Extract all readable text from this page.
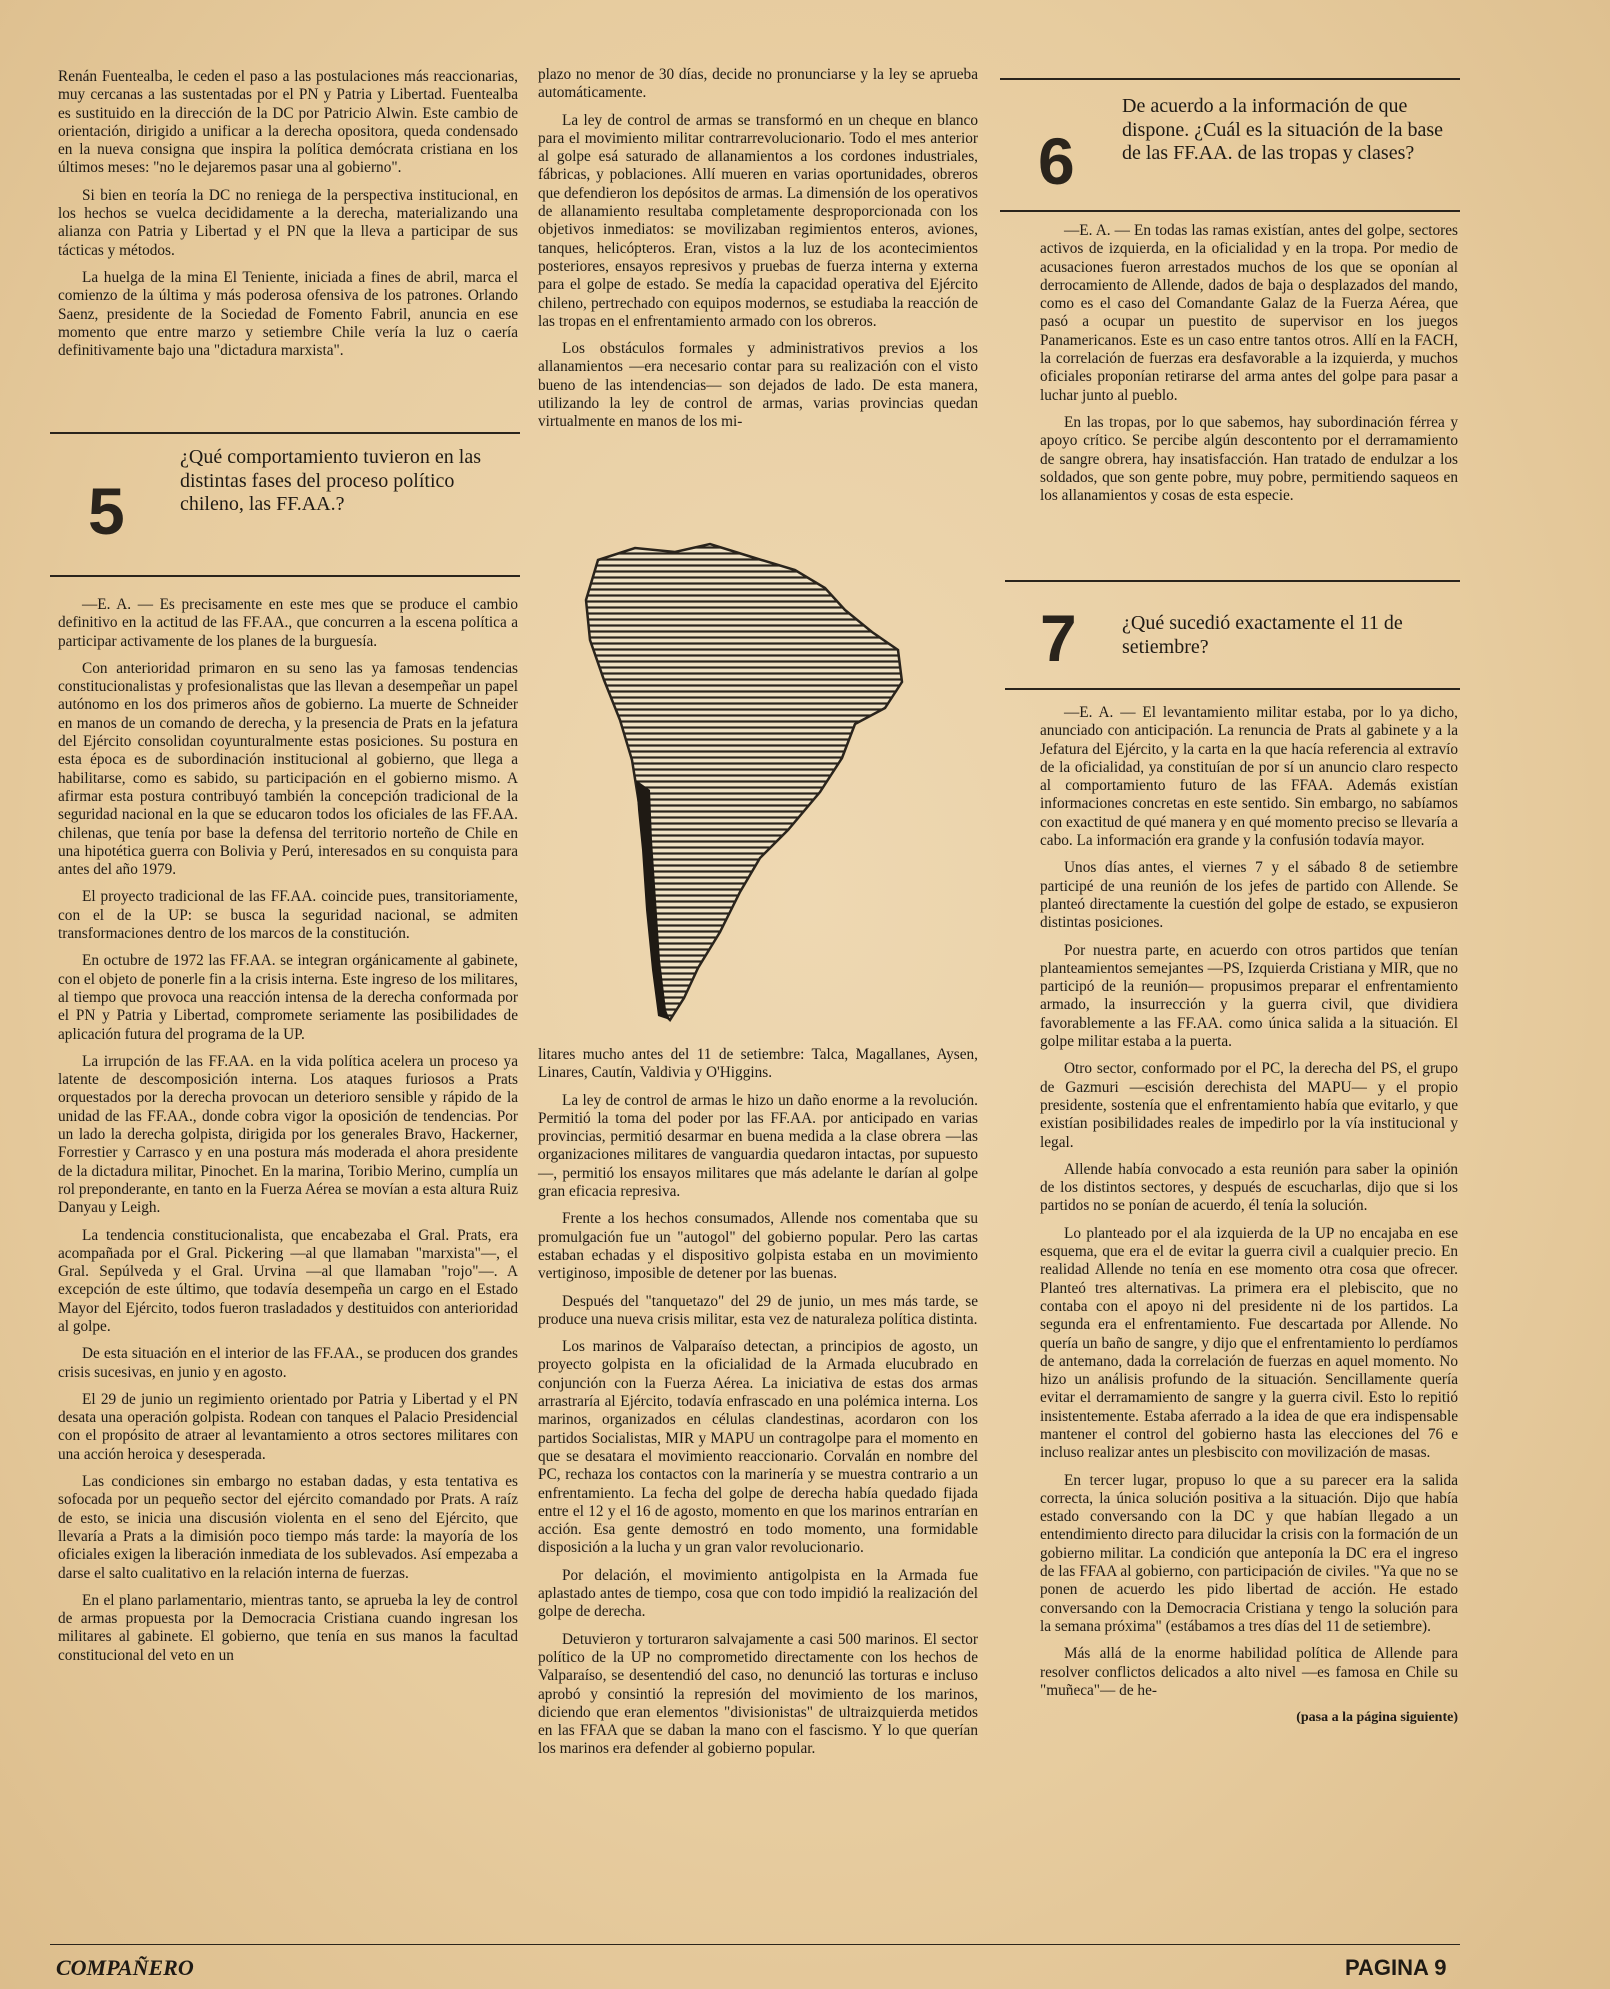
Renán Fuentealba, le ceden el paso a las postulaciones más reaccionarias, muy cercanas a las sustentadas por el PN y Patria y Libertad. Fuentealba es sustituido en la dirección de la DC por Patricio Alwin. Este cambio de orientación, dirigido a unificar a la derecha opositora, queda condensado en la nueva consigna que inspira la política demócrata cristiana en los últimos meses: "no le dejaremos pasar una al gobierno".

Si bien en teoría la DC no reniega de la perspectiva institucional, en los hechos se vuelca decididamente a la derecha, materializando una alianza con Patria y Libertad y el PN que la lleva a participar de sus tácticas y métodos.

La huelga de la mina El Teniente, iniciada a fines de abril, marca el comienzo de la última y más poderosa ofensiva de los patrones. Orlando Saenz, presidente de la Sociedad de Fomento Fabril, anuncia en ese momento que entre marzo y setiembre Chile vería la luz o caería definitivamente bajo una "dictadura marxista".

5
¿Qué comportamiento tuvieron en las distintas fases del proceso político chileno, las FF.AA.?

—E. A. — Es precisamente en este mes que se produce el cambio definitivo en la actitud de las FF.AA., que concurren a la escena política a participar activamente de los planes de la burguesía.

Con anterioridad primaron en su seno las ya famosas tendencias constitucionalistas y profesionalistas que las llevan a desempeñar un papel autónomo en los dos primeros años de gobierno. La muerte de Schneider en manos de un comando de derecha, y la presencia de Prats en la jefatura del Ejército consolidan coyunturalmente estas posiciones. Su postura en esta época es de subordinación institucional al gobierno, que llega a habilitarse, como es sabido, su participación en el gobierno mismo. A afirmar esta postura contribuyó también la concepción tradicional de la seguridad nacional en la que se educaron todos los oficiales de las FF.AA. chilenas, que tenía por base la defensa del territorio norteño de Chile en una hipotética guerra con Bolivia y Perú, interesados en su conquista para antes del año 1979.

El proyecto tradicional de las FF.AA. coincide pues, transitoriamente, con el de la UP: se busca la seguridad nacional, se admiten transformaciones dentro de los marcos de la constitución.

En octubre de 1972 las FF.AA. se integran orgánicamente al gabinete, con el objeto de ponerle fin a la crisis interna. Este ingreso de los militares, al tiempo que provoca una reacción intensa de la derecha conformada por el PN y Patria y Libertad, compromete seriamente las posibilidades de aplicación futura del programa de la UP.

La irrupción de las FF.AA. en la vida política acelera un proceso ya latente de descomposición interna. Los ataques furiosos a Prats orquestados por la derecha provocan un deterioro sensible y rápido de la unidad de las FF.AA., donde cobra vigor la oposición de tendencias. Por un lado la derecha golpista, dirigida por los generales Bravo, Hackerner, Forrestier y Carrasco y en una postura más moderada el ahora presidente de la dictadura militar, Pinochet. En la marina, Toribio Merino, cumplía un rol preponderante, en tanto en la Fuerza Aérea se movían a esta altura Ruiz Danyau y Leigh.

La tendencia constitucionalista, que encabezaba el Gral. Prats, era acompañada por el Gral. Pickering —al que llamaban "marxista"—, el Gral. Sepúlveda y el Gral. Urvina —al que llamaban "rojo"—. A excepción de este último, que todavía desempeña un cargo en el Estado Mayor del Ejército, todos fueron trasladados y destituidos con anterioridad al golpe.

De esta situación en el interior de las FF.AA., se producen dos grandes crisis sucesivas, en junio y en agosto.

El 29 de junio un regimiento orientado por Patria y Libertad y el PN desata una operación golpista. Rodean con tanques el Palacio Presidencial con el propósito de atraer al levantamiento a otros sectores militares con una acción heroica y desesperada.

Las condiciones sin embargo no estaban dadas, y esta tentativa es sofocada por un pequeño sector del ejército comandado por Prats. A raíz de esto, se inicia una discusión violenta en el seno del Ejército, que llevaría a Prats a la dimisión poco tiempo más tarde: la mayoría de los oficiales exigen la liberación inmediata de los sublevados. Así empezaba a darse el salto cualitativo en la relación interna de fuerzas.

En el plano parlamentario, mientras tanto, se aprueba la ley de control de armas propuesta por la Democracia Cristiana cuando ingresan los militares al gabinete. El gobierno, que tenía en sus manos la facultad constitucional del veto en un

plazo no menor de 30 días, decide no pronunciarse y la ley se aprueba automáticamente.

La ley de control de armas se transformó en un cheque en blanco para el movimiento militar contrarrevolucionario. Todo el mes anterior al golpe esá saturado de allanamientos a los cordones industriales, fábricas, y poblaciones. Allí mueren en varias oportunidades, obreros que defendieron los depósitos de armas. La dimensión de los operativos de allanamiento resultaba completamente desproporcionada con los objetivos inmediatos: se movilizaban regimientos enteros, aviones, tanques, helicópteros. Eran, vistos a la luz de los acontecimientos posteriores, ensayos represivos y pruebas de fuerza interna y externa para el golpe de estado. Se medía la capacidad operativa del Ejército chileno, pertrechado con equipos modernos, se estudiaba la reacción de las tropas en el enfrentamiento armado con los obreros.

Los obstáculos formales y administrativos previos a los allanamientos —era necesario contar para su realización con el visto bueno de las intendencias— son dejados de lado. De esta manera, utilizando la ley de control de armas, varias provincias quedan virtualmente en manos de los mi-

litares mucho antes del 11 de setiembre: Talca, Magallanes, Aysen, Linares, Cautín, Valdivia y O'Higgins.

La ley de control de armas le hizo un daño enorme a la revolución. Permitió la toma del poder por las FF.AA. por anticipado en varias provincias, permitió desarmar en buena medida a la clase obrera —las organizaciones militares de vanguardia quedaron intactas, por supuesto—, permitió los ensayos militares que más adelante le darían al golpe gran eficacia represiva.

Frente a los hechos consumados, Allende nos comentaba que su promulgación fue un "autogol" del gobierno popular. Pero las cartas estaban echadas y el dispositivo golpista estaba en un movimiento vertiginoso, imposible de detener por las buenas.

Después del "tanquetazo" del 29 de junio, un mes más tarde, se produce una nueva crisis militar, esta vez de naturaleza política distinta.

Los marinos de Valparaíso detectan, a principios de agosto, un proyecto golpista en la oficialidad de la Armada elucubrado en conjunción con la Fuerza Aérea. La iniciativa de estas dos armas arrastraría al Ejército, todavía enfrascado en una polémica interna. Los marinos, organizados en células clandestinas, acordaron con los partidos Socialistas, MIR y MAPU un contragolpe para el momento en que se desatara el movimiento reaccionario. Corvalán en nombre del PC, rechaza los contactos con la marinería y se muestra contrario a un enfrentamiento. La fecha del golpe de derecha había quedado fijada entre el 12 y el 16 de agosto, momento en que los marinos entrarían en acción. Esa gente demostró en todo momento, una formidable disposición a la lucha y un gran valor revolucionario.

Por delación, el movimiento antigolpista en la Armada fue aplastado antes de tiempo, cosa que con todo impidió la realización del golpe de derecha.

Detuvieron y torturaron salvajamente a casi 500 marinos. El sector político de la UP no comprometido directamente con los hechos de Valparaíso, se desentendió del caso, no denunció las torturas e incluso aprobó y consintió la represión del movimiento de los marinos, diciendo que eran elementos "divisionistas" de ultraizquierda metidos en las FFAA que se daban la mano con el fascismo. Y lo que querían los marinos era defender al gobierno popular.

6
De acuerdo a la información de que dispone. ¿Cuál es la situación de la base de las FF.AA. de las tropas y clases?

—E. A. — En todas las ramas existían, antes del golpe, sectores activos de izquierda, en la oficialidad y en la tropa. Por medio de acusaciones fueron arrestados muchos de los que se oponían al derrocamiento de Allende, dados de baja o desplazados del mando, como es el caso del Comandante Galaz de la Fuerza Aérea, que pasó a ocupar un puestito de supervisor en los juegos Panamericanos. Este es un caso entre tantos otros. Allí en la FACH, la correlación de fuerzas era desfavorable a la izquierda, y muchos oficiales proponían retirarse del arma antes del golpe para pasar a luchar junto al pueblo.

En las tropas, por lo que sabemos, hay subordinación férrea y apoyo crítico. Se percibe algún descontento por el derramamiento de sangre obrera, hay insatisfacción. Han tratado de endulzar a los soldados, que son gente pobre, muy pobre, permitiendo saqueos en los allanamientos y cosas de esta especie.

7 ¿Qué sucedió exactamente el 11 de setiembre?

—E. A. — El levantamiento militar estaba, por lo ya dicho, anunciado con anticipación. La renuncia de Prats al gabinete y a la Jefatura del Ejército, y la carta en la que hacía referencia al extravío de la oficialidad, ya constituían de por sí un anuncio claro respecto al comportamiento futuro de las FFAA. Además existían informaciones concretas en este sentido. Sin embargo, no sabíamos con exactitud de qué manera y en qué momento preciso se llevaría a cabo. La información era grande y la confusión todavía mayor.

Unos días antes, el viernes 7 y el sábado 8 de setiembre participé de una reunión de los jefes de partido con Allende. Se planteó directamente la cuestión del golpe de estado, se expusieron distintas posiciones.

Por nuestra parte, en acuerdo con otros partidos que tenían planteamientos semejantes —PS, Izquierda Cristiana y MIR, que no participó de la reunión— propusimos preparar el enfrentamiento armado, la insurrección y la guerra civil, que dividiera favorablemente a las FF.AA. como única salida a la situación. El golpe militar estaba a la puerta.

Otro sector, conformado por el PC, la derecha del PS, el grupo de Gazmuri —escisión derechista del MAPU— y el propio presidente, sostenía que el enfrentamiento había que evitarlo, y que existían posibilidades reales de impedirlo por la vía institucional y legal.

Allende había convocado a esta reunión para saber la opinión de los distintos sectores, y después de escucharlas, dijo que si los partidos no se ponían de acuerdo, él tenía la solución.

Lo planteado por el ala izquierda de la UP no encajaba en ese esquema, que era el de evitar la guerra civil a cualquier precio. En realidad Allende no tenía en ese momento otra cosa que ofrecer. Planteó tres alternativas. La primera era el plebiscito, que no contaba con el apoyo ni del presidente ni de los partidos. La segunda era el enfrentamiento. Fue descartada por Allende. No quería un baño de sangre, y dijo que el enfrentamiento lo perdíamos de antemano, dada la correlación de fuerzas en aquel momento. No hizo un análisis profundo de la situación. Sencillamente quería evitar el derramamiento de sangre y la guerra civil. Esto lo repitió insistentemente. Estaba aferrado a la idea de que era indispensable mantener el control del gobierno hasta las elecciones del 76 e incluso realizar antes un plesbiscito con movilización de masas.

En tercer lugar, propuso lo que a su parecer era la salida correcta, la única solución positiva a la situación. Dijo que había estado conversando con la DC y que habían llegado a un entendimiento directo para dilucidar la crisis con la formación de un gobierno militar. La condición que anteponía la DC era el ingreso de las FFAA al gobierno, con participación de civiles. "Ya que no se ponen de acuerdo les pido libertad de acción. He estado conversando con la Democracia Cristiana y tengo la solución para la semana próxima" (estábamos a tres días del 11 de setiembre).

Más allá de la enorme habilidad política de Allende para resolver conflictos delicados a alto nivel —es famosa en Chile su "muñeca"— de he-

(pasa a la página siguiente)

COMPAÑERO	PAGINA 9
